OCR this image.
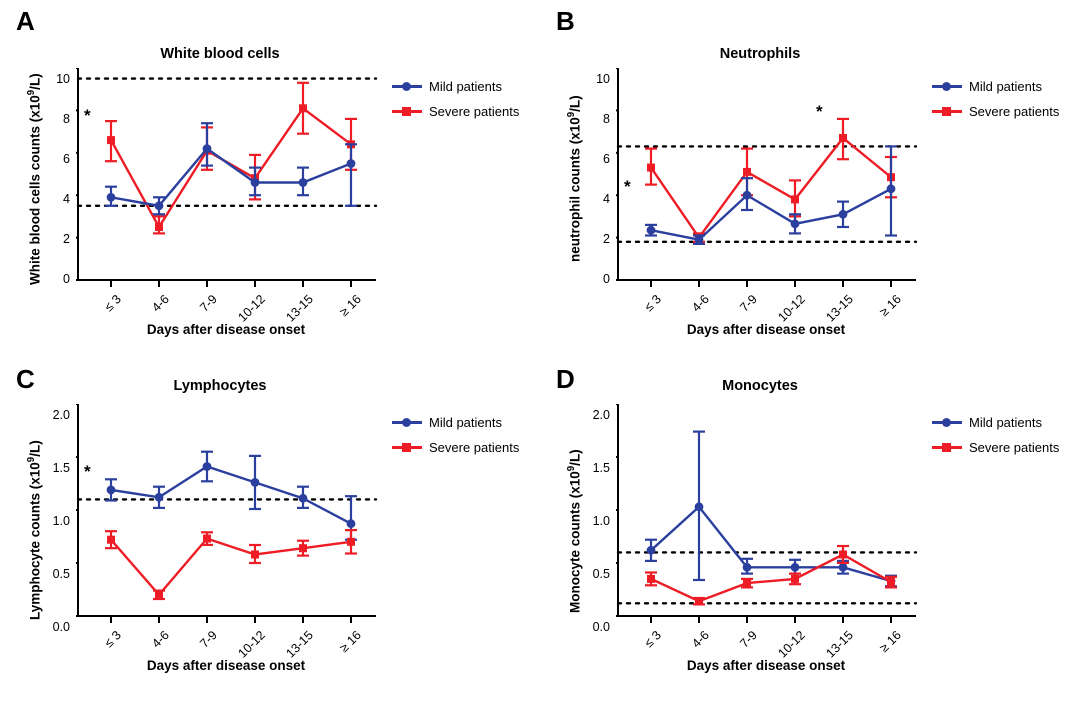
A
White blood cells
White blood cells counts $(x10^9/L)$	10
8
6
4
2
0
*
≤ 3	4-6	7-9	10-12	13-15	≥ 16
Days after disease onset
Mild patients
Severe patients
B
Neutrophils
neutrophil counts $(x10^9/L)$
10
8
6
4
2
0
*
*
≤ 3	4-6	7-9	10-12	13-15	≥ 16
Days after disease onset
Mild patients
Severe patients
C	Lymphocytes
Lymphocyte counts $(x10^9/L)$
2.0
1.5
1.0
0.5
0.0
*
≤ 3	4-6	7-9	10-12	13-15	≥ 16
Days after disease onset
Mild patients
Severe patients
D	Monocytes
Monocyte counts $(x10^9/L)$
2.0
1.5
1.0
0.5
0.0
≤ 3	4-6	7-9	10-12	13-15	≥ 16
Days after disease onset
Mild patients
Severe patients
